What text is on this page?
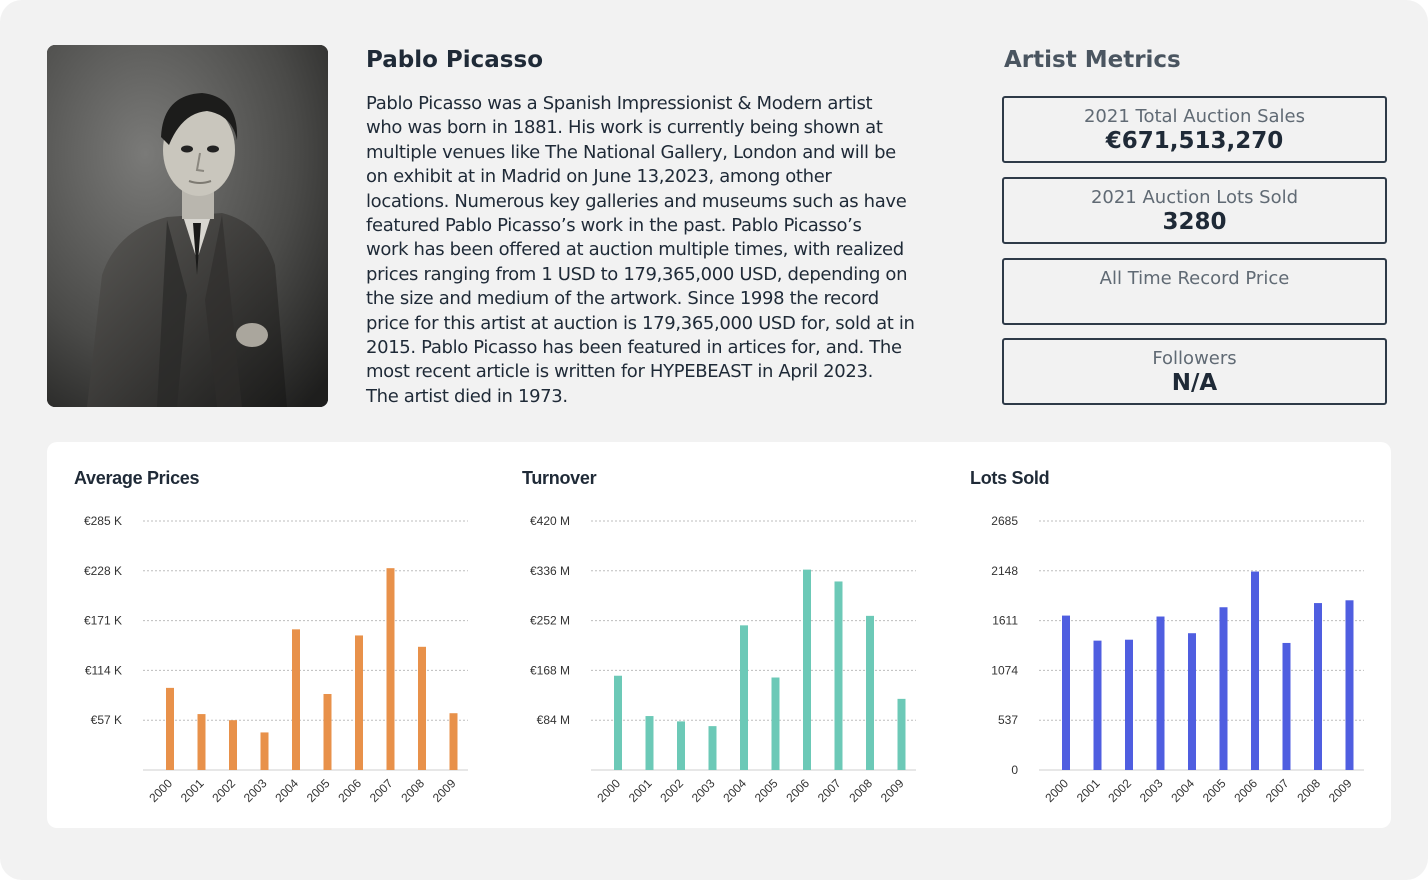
Pablo Picasso
Pablo Picasso was a Spanish Impressionist & Modern artist
who was born in 1881. His work is currently being shown at
multiple venues like The National Gallery, London and will be
on exhibit at in Madrid on June 13,2023, among other
locations. Numerous key galleries and museums such as have
featured Pablo Picasso’s work in the past. Pablo Picasso’s
work has been offered at auction multiple times, with realized
prices ranging from 1 USD to 179,365,000 USD, depending on
the size and medium of the artwork. Since 1998 the record
price for this artist at auction is 179,365,000 USD for, sold at in
2015. Pablo Picasso has been featured in artices for, and. The
most recent article is written for HYPEBEAST in April 2023.
The artist died in 1973.
Artist Metrics
2021 Total Auction Sales
€671,513,270
2021 Auction Lots Sold
3280
All Time Record Price
Followers
N/A
Average Prices
€57 K
€114 K
€171 K
€228 K
€285 K
2000 2001 2002 2003 2004 2005 2006 2007 2008 2009
Turnover
€84 M
€168 M
€252 M
€336 M
€420 M
2000 2001 2002 2003 2004 2005 2006 2007 2008 2009
Lots Sold
0
537
1074
1611
2148
2685
2000 2001 2002 2003 2004 2005 2006 2007 2008 2009
